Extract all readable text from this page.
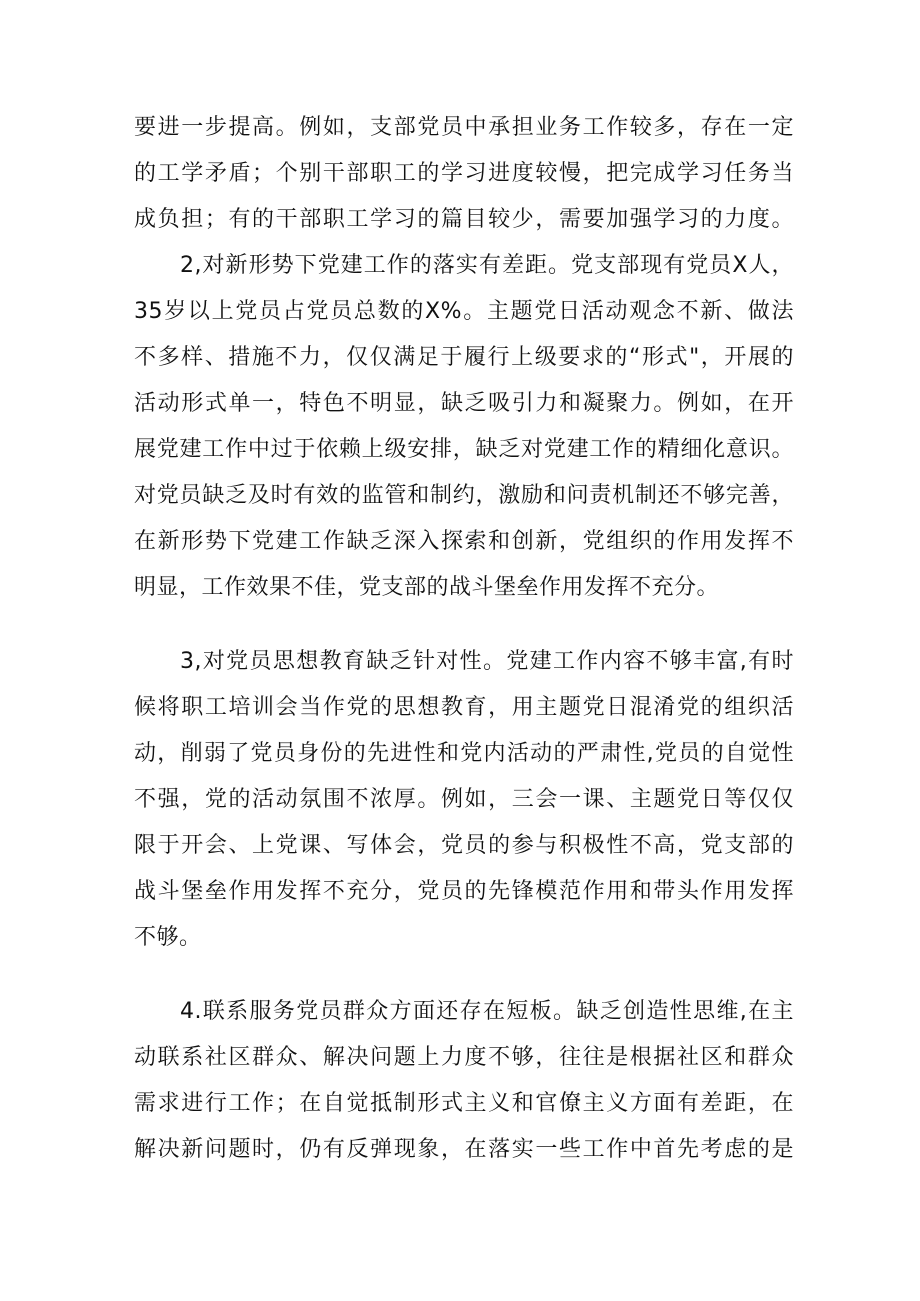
要进一步提高。例如，支部党员中承担业务工作较多，存在一定
的工学矛盾；个别干部职工的学习进度较慢，把完成学习任务当
成负担；有的干部职工学习的篇目较少，需要加强学习的力度。
2,对新形势下党建工作的落实有差距。党支部现有党员X人，
35岁以上党员占党员总数的X%。主题党日活动观念不新、做法
不多样、措施不力，仅仅满足于履行上级要求的“形式"，开展的
活动形式单一，特色不明显，缺乏吸引力和凝聚力。例如，在开
展党建工作中过于依赖上级安排，缺乏对党建工作的精细化意识。
对党员缺乏及时有效的监管和制约，激励和问责机制还不够完善，
在新形势下党建工作缺乏深入探索和创新，党组织的作用发挥不
明显，工作效果不佳，党支部的战斗堡垒作用发挥不充分。
3,对党员思想教育缺乏针对性。党建工作内容不够丰富,有时
候将职工培训会当作党的思想教育，用主题党日混淆党的组织活
动，削弱了党员身份的先进性和党内活动的严肃性,党员的自觉性
不强，党的活动氛围不浓厚。例如，三会一课、主题党日等仅仅
限于开会、上党课、写体会，党员的参与积极性不高，党支部的
战斗堡垒作用发挥不充分，党员的先锋模范作用和带头作用发挥
不够。
4.联系服务党员群众方面还存在短板。缺乏创造性思维,在主
动联系社区群众、解决问题上力度不够，往往是根据社区和群众
需求进行工作；在自觉抵制形式主义和官僚主义方面有差距，在
解决新问题时，仍有反弹现象，在落实一些工作中首先考虑的是
